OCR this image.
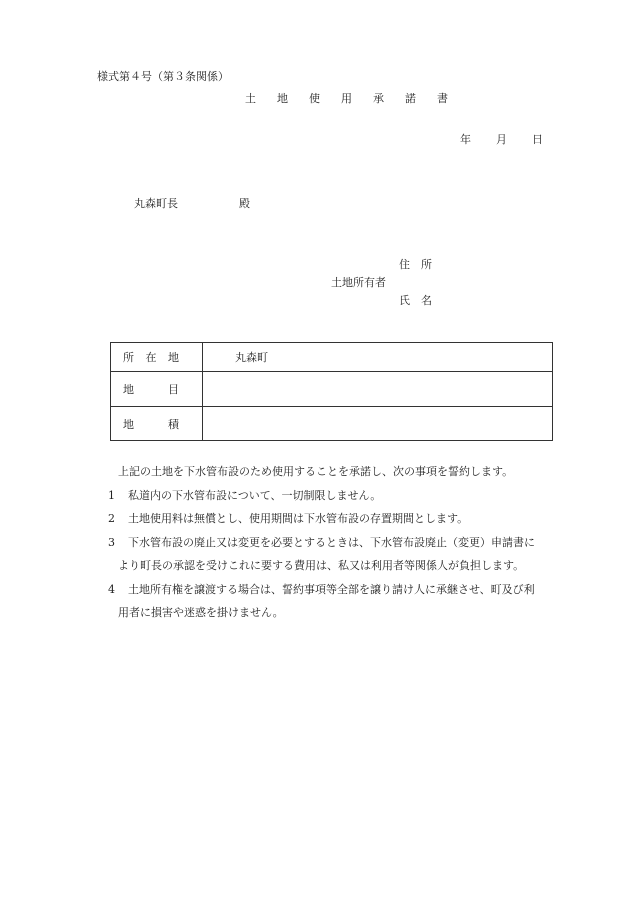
様式第４号（第３条関係）
土 地 使 用 承 諾 書
年 月 日
丸森町長	殿
住　所
土地所有者
氏　名
所 在 地	丸森町

地 目	

地 積	

上記の土地を下水管布設のため使用することを承諾し、次の事項を誓約します。
1 私道内の下水管布設について、一切制限しません。
2 土地使用料は無償とし、使用期間は下水管布設の存置期間とします。
3 下水管布設の廃止又は変更を必要とするときは、下水管布設廃止（変更）申請書に
より町長の承認を受けこれに要する費用は、私又は利用者等関係人が負担します。
4 土地所有権を譲渡する場合は、誓約事項等全部を譲り請け人に承継させ、町及び利
用者に損害や迷惑を掛けません。
